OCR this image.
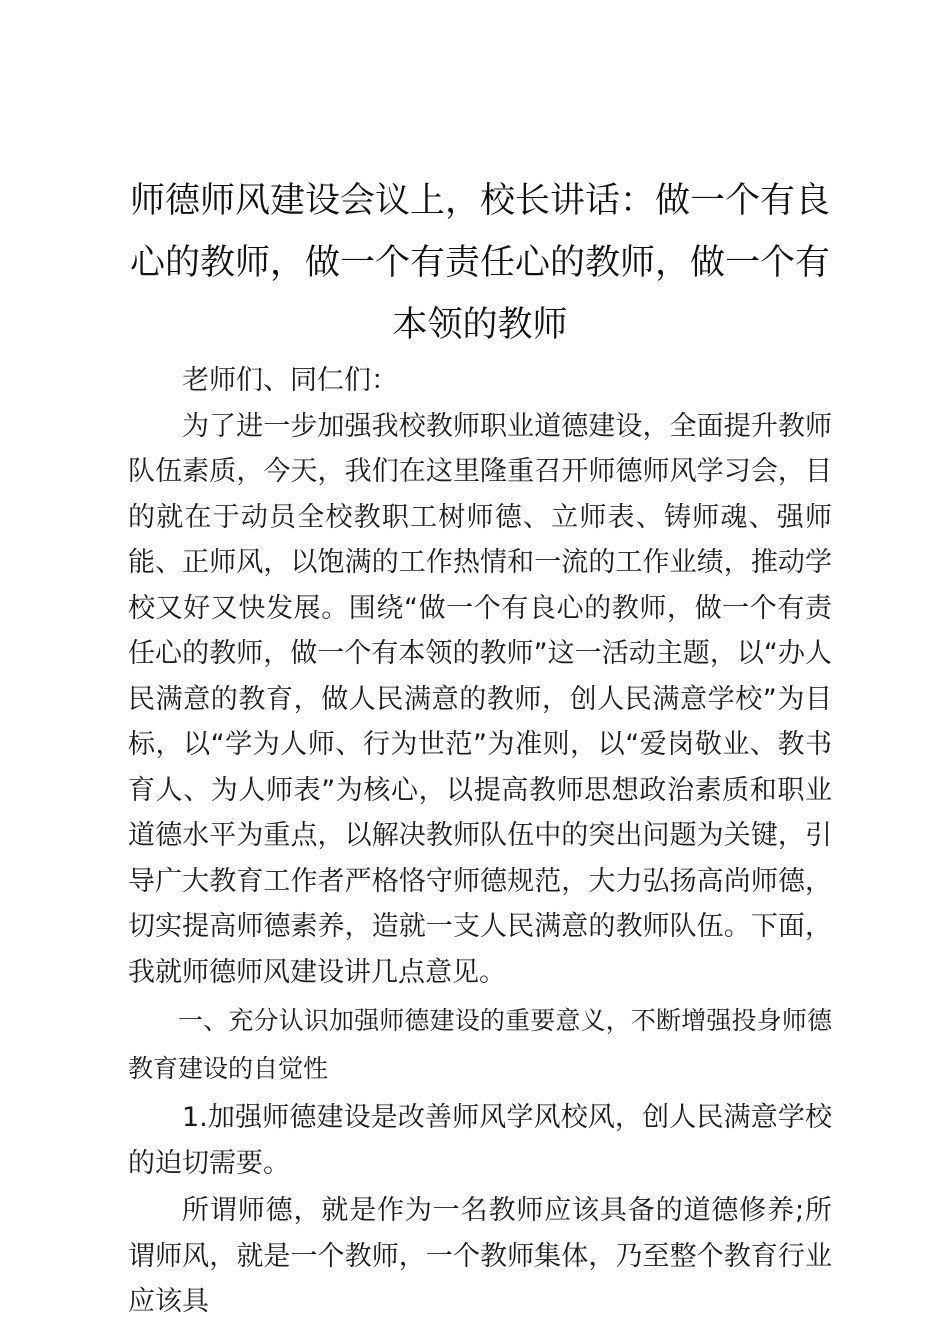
师德师风建设会议上，校长讲话：做一个有良心的教师，做一个有责任心的教师，做一个有本领的教师

老师们、同仁们：

为了进一步加强我校教师职业道德建设，全面提升教师队伍素质，今天，我们在这里隆重召开师德师风学习会，目的就在于动员全校教职工树师德、立师表、铸师魂、强师能、正师风，以饱满的工作热情和一流的工作业绩，推动学校又好又快发展。围绕“做一个有良心的教师，做一个有责任心的教师，做一个有本领的教师”这一活动主题，以“办人民满意的教育，做人民满意的教师，创人民满意学校”为目标，以“学为人师、行为世范”为准则，以“爱岗敬业、教书育人、为人师表”为核心，以提高教师思想政治素质和职业道德水平为重点，以解决教师队伍中的突出问题为关键，引导广大教育工作者严格恪守师德规范，大力弘扬高尚师德，切实提高师德素养，造就一支人民满意的教师队伍。下面，我就师德师风建设讲几点意见。

一、充分认识加强师德建设的重要意义，不断增强投身师德教育建设的自觉性

1.加强师德建设是改善师风学风校风，创人民满意学校的迫切需要。

所谓师德，就是作为一名教师应该具备的道德修养;所谓师风，就是一个教师，一个教师集体，乃至整个教育行业应该具
